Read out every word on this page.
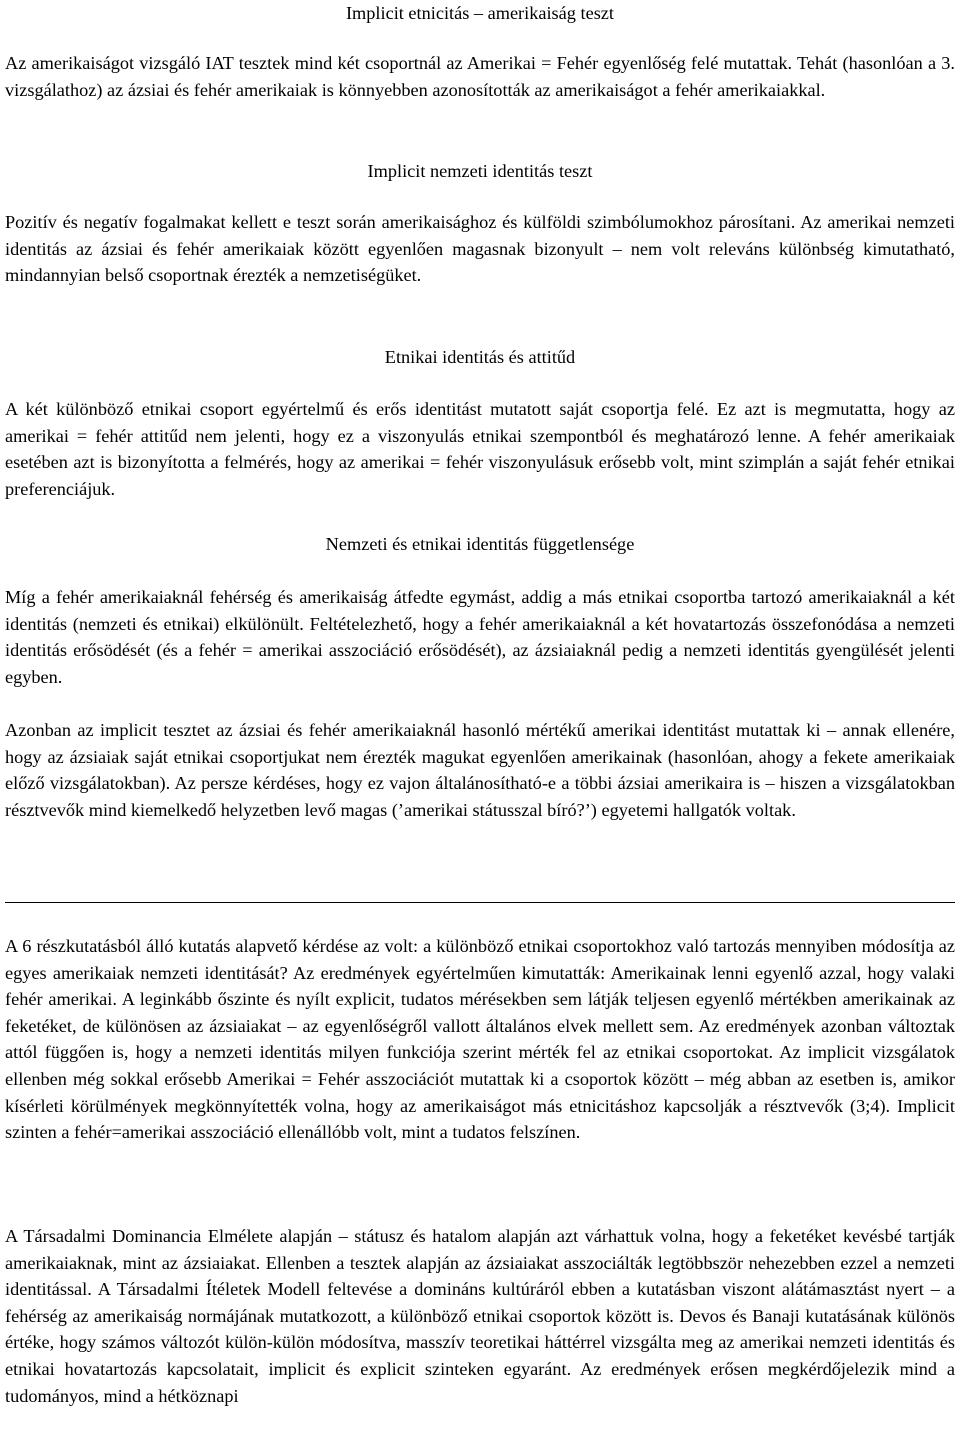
Implicit etnicitás – amerikaiság teszt

Az amerikaiságot vizsgáló IAT tesztek mind két csoportnál az Amerikai = Fehér egyenlőség felé mutattak. Tehát (hasonlóan a 3. vizsgálathoz) az ázsiai és fehér amerikaiak is könnyebben azonosították az amerikaiságot a fehér amerikaiakkal.

Implicit nemzeti identitás teszt

Pozitív és negatív fogalmakat kellett e teszt során amerikaisághoz és külföldi szimbólumokhoz párosítani. Az amerikai nemzeti identitás az ázsiai és fehér amerikaiak között egyenlően magasnak bizonyult – nem volt releváns különbség kimutatható, mindannyian belső csoportnak érezték a nemzetiségüket.

Etnikai identitás és attitűd

A két különböző etnikai csoport egyértelmű és erős identitást mutatott saját csoportja felé. Ez azt is megmutatta, hogy az amerikai = fehér attitűd nem jelenti, hogy ez a viszonyulás etnikai szempontból és meghatározó lenne. A fehér amerikaiak esetében azt is bizonyította a felmérés, hogy az amerikai = fehér viszonyulásuk erősebb volt, mint szimplán a saját fehér etnikai preferenciájuk.

Nemzeti és etnikai identitás függetlensége

Míg a fehér amerikaiaknál fehérség és amerikaiság átfedte egymást, addig a más etnikai csoportba tartozó amerikaiaknál a két identitás (nemzeti és etnikai) elkülönült. Feltételezhető, hogy a fehér amerikaiaknál a két hovatartozás összefonódása a nemzeti identitás erősödését (és a fehér = amerikai asszociáció erősödését), az ázsiaiaknál pedig a nemzeti identitás gyengülését jelenti egyben.

Azonban az implicit tesztet az ázsiai és fehér amerikaiaknál hasonló mértékű amerikai identitást mutattak ki – annak ellenére, hogy az ázsiaiak saját etnikai csoportjukat nem érezték magukat egyenlően amerikainak (hasonlóan, ahogy a fekete amerikaiak előző vizsgálatokban). Az persze kérdéses, hogy ez vajon általánosítható-e a többi ázsiai amerikaira is – hiszen a vizsgálatokban résztvevők mind kiemelkedő helyzetben levő magas (’amerikai státusszal bíró?’) egyetemi hallgatók voltak.

A 6 részkutatásból álló kutatás alapvető kérdése az volt: a különböző etnikai csoportokhoz való tartozás mennyiben módosítja az egyes amerikaiak nemzeti identitását? Az eredmények egyértelműen kimutatták: Amerikainak lenni egyenlő azzal, hogy valaki fehér amerikai. A leginkább őszinte és nyílt explicit, tudatos mérésekben sem látják teljesen egyenlő mértékben amerikainak az feketéket, de különösen az ázsiaiakat – az egyenlőségről vallott általános elvek mellett sem. Az eredmények azonban változtak attól függően is, hogy a nemzeti identitás milyen funkciója szerint mérték fel az etnikai csoportokat. Az implicit vizsgálatok ellenben még sokkal erősebb Amerikai = Fehér asszociációt mutattak ki a csoportok között – még abban az esetben is, amikor kísérleti körülmények megkönnyítették volna, hogy az amerikaiságot más etnicitáshoz kapcsolják a résztvevők (3;4). Implicit szinten a fehér=amerikai asszociáció ellenállóbb volt, mint a tudatos felszínen.

A Társadalmi Dominancia Elmélete alapján – státusz és hatalom alapján azt várhattuk volna, hogy a feketéket kevésbé tartják amerikaiaknak, mint az ázsiaiakat. Ellenben a tesztek alapján az ázsiaiakat asszociálták legtöbbször nehezebben ezzel a nemzeti identitással. A Társadalmi Ítéletek Modell feltevése a domináns kultúráról ebben a kutatásban viszont alátámasztást nyert – a fehérség az amerikaiság normájának mutatkozott, a különböző etnikai csoportok között is. Devos és Banaji kutatásának különös értéke, hogy számos változót külön-külön módosítva, masszív teoretikai háttérrel vizsgálta meg az amerikai nemzeti identitás és etnikai hovatartozás kapcsolatait, implicit és explicit szinteken egyaránt. Az eredmények erősen megkérdőjelezik mind a tudományos, mind a hétköznapi
